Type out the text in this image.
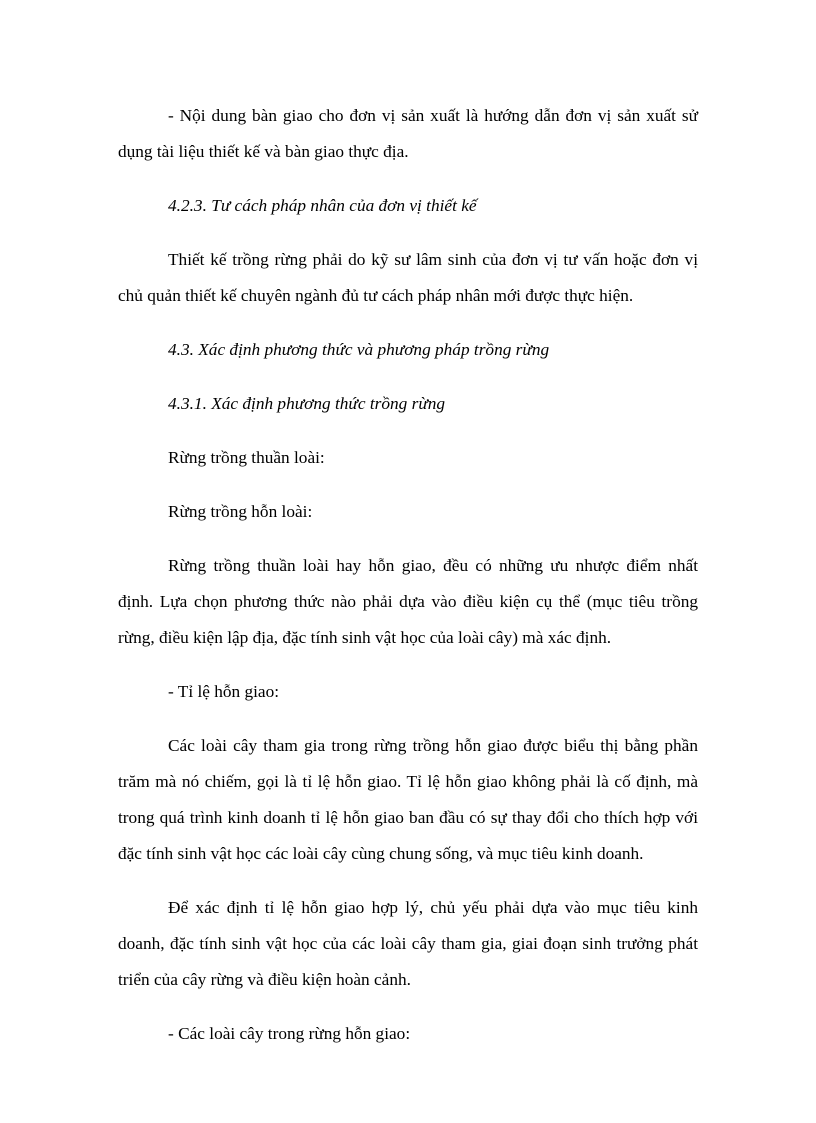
- Nội dung bàn giao cho đơn vị sản xuất là hướng dẫn đơn vị sản xuất sử dụng tài liệu thiết kế và bàn giao thực địa.

4.2.3. Tư cách pháp nhân của đơn vị thiết kế

Thiết kế trồng rừng phải do kỹ sư lâm sinh của đơn vị tư vấn hoặc đơn vị chủ quản thiết kế chuyên ngành đủ tư cách pháp nhân mới được thực hiện.

4.3. Xác định phương thức và phương pháp trồng rừng

4.3.1. Xác định phương thức trồng rừng

Rừng trồng thuần loài:

Rừng trồng hỗn loài:

Rừng trồng thuần loài hay hỗn giao, đều có những ưu nhược điểm nhất định. Lựa chọn phương thức nào phải dựa vào điều kiện cụ thể (mục tiêu trồng rừng, điều kiện lập địa, đặc tính sinh vật học của loài cây) mà xác định.

- Tỉ lệ hỗn giao:

Các loài cây tham gia trong rừng trồng hỗn giao được biểu thị bằng phần trăm mà nó chiếm, gọi là tỉ lệ hỗn giao. Tỉ lệ hỗn giao không phải là cố định, mà trong quá trình kinh doanh tỉ lệ hỗn giao ban đầu có sự thay đổi cho thích hợp với đặc tính sinh vật học các loài cây cùng chung sống, và mục tiêu kinh doanh.

Để xác định tỉ lệ hỗn giao hợp lý, chủ yếu phải dựa vào mục tiêu kinh doanh, đặc tính sinh vật học của các loài cây tham gia, giai đoạn sinh trưởng phát triển của cây rừng và điều kiện hoàn cảnh.

- Các loài cây trong rừng hỗn giao:
